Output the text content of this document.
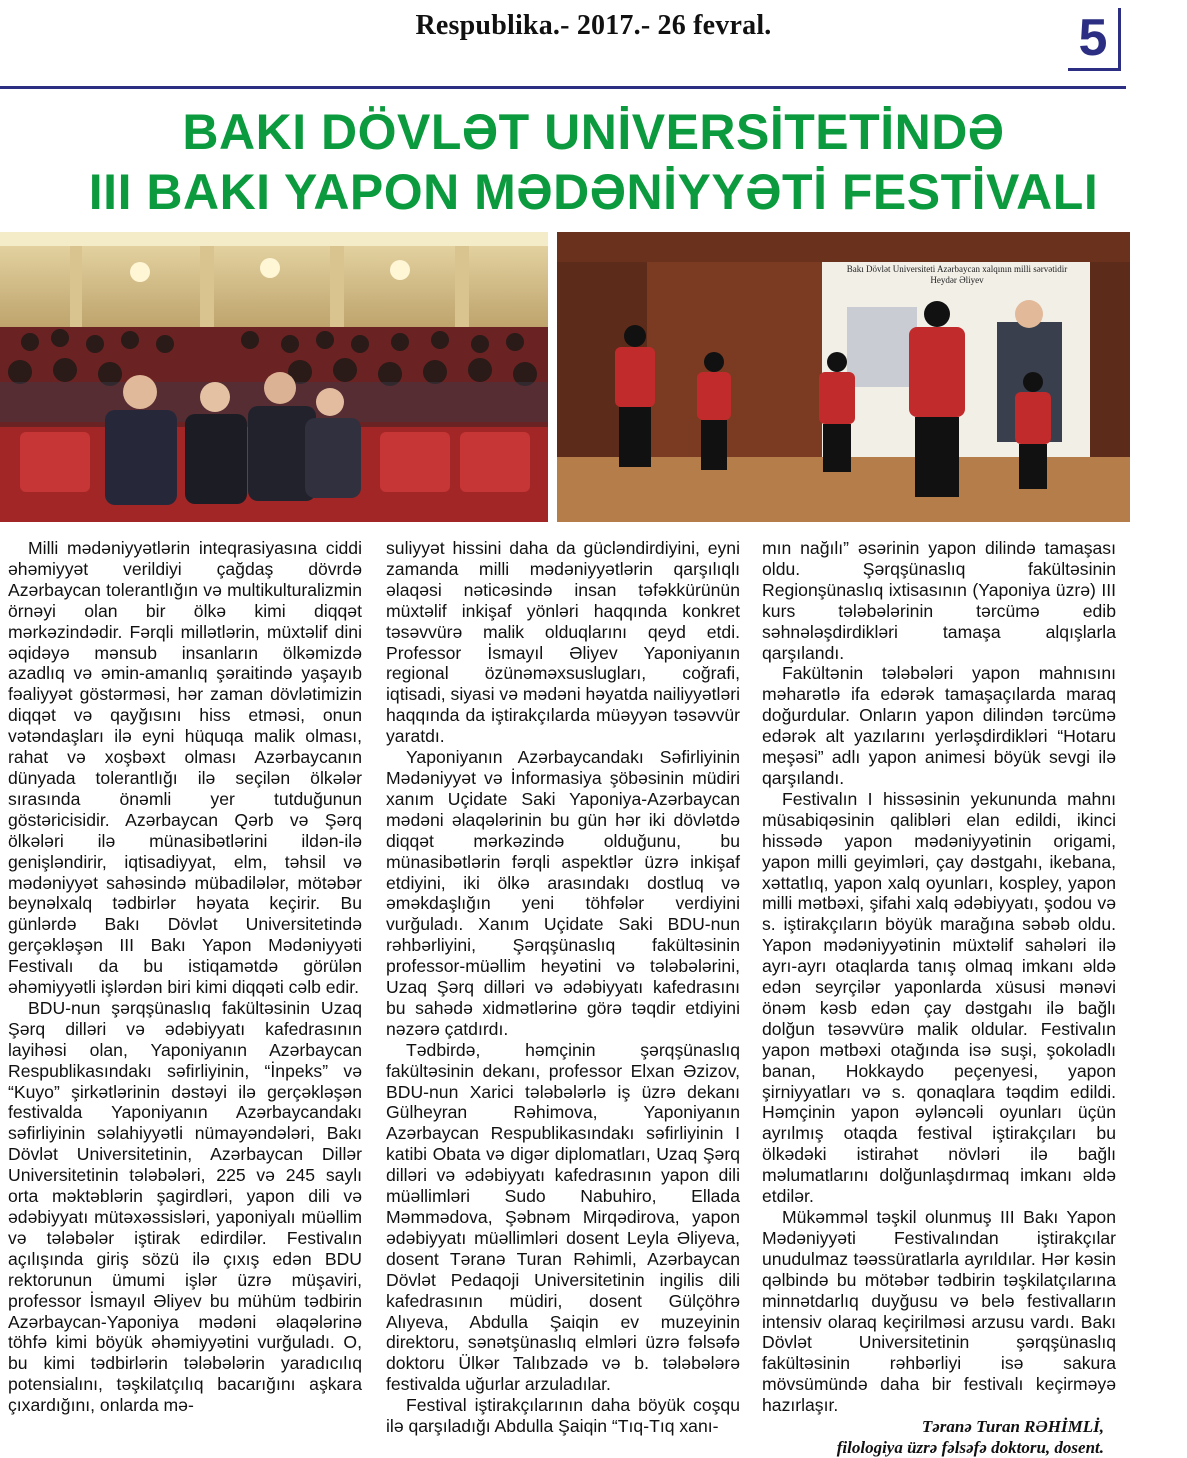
Respublika.- 2017.- 26 fevral.	5
BAKI DÖVLƏT UNİVERSİTETİNDƏ
III BAKI YAPON MƏDƏNİYYƏTİ FESTİVALI
Bakı Dövlət Universiteti Azərbaycan xalqının milli sərvətidir
Heydər Əliyev

Milli mədəniyyətlərin inteqrasiyasına ciddi əhəmiyyət verildiyi çağdaş dövrdə Azərbaycan tolerantlığın və multikulturalizmin örnəyi olan bir ölkə kimi diqqət mərkəzindədir. Fərqli millətlərin, müxtəlif dini əqidəyə mənsub insanların ölkəmizdə azadlıq və əmin-amanlıq şəraitində yaşayıb fəaliyyət göstərməsi, hər zaman dövlətimizin diqqət və qayğısını hiss etməsi, onun vətəndaşları ilə eyni hüquqa malik olması, rahat və xoşbəxt olması Azərbaycanın dünyada tolerantlığı ilə seçilən ölkələr sırasında önəmli yer tutduğunun göstəricisidir. Azərbaycan Qərb və Şərq ölkələri ilə münasibətlərini ildən-ilə genişləndirir, iqtisadiyyat, elm, təhsil və mədəniyyət sahəsində mübadilələr, mötəbər beynəlxalq tədbirlər həyata keçirir. Bu günlərdə Bakı Dövlət Universitetində gerçəkləşən III Bakı Yapon Mədəniyyəti Festivalı da bu istiqamətdə görülən əhəmiyyətli işlərdən biri kimi diqqəti cəlb edir.

BDU-nun şərqşünaslıq fakültəsinin Uzaq Şərq dilləri və ədəbiyyatı kafedrasının layihəsi olan, Yaponiyanın Azərbaycan Respublikasındakı səfirliyinin, “İnpeks” və “Kuyo” şirkətlərinin dəstəyi ilə gerçəkləşən festivalda Yaponiyanın Azərbaycandakı səfirliyinin səlahiyyətli nümayəndələri, Bakı Dövlət Universitetinin, Azərbaycan Dillər Universitetinin tələbələri, 225 və 245 saylı orta məktəblərin şagirdləri, yapon dili və ədəbiyyatı mütəxəssisləri, yaponiyalı müəllim və tələbələr iştirak edirdilər. Festivalın açılışında giriş sözü ilə çıxış edən BDU rektorunun ümumi işlər üzrə müşaviri, professor İsmayıl Əliyev bu mühüm tədbirin Azərbaycan-Yaponiya mədəni əlaqələrinə töhfə kimi böyük əhəmiyyətini vurğuladı. O, bu kimi tədbirlərin tələbələrin yaradıcılıq potensialını, təşkilatçılıq bacarığını aşkara çıxardığını, onlarda mə-

suliyyət hissini daha da gücləndirdiyini, eyni zamanda milli mədəniyyətlərin qarşılıqlı əlaqəsi nəticəsində insan təfəkkürünün müxtəlif inkişaf yönləri haqqında konkret təsəvvürə malik olduqlarını qeyd etdi. Professor İsmayıl Əliyev Yaponiyanın regional özünəməxsuslugları, coğrafi, iqtisadi, siyasi və mədəni həyatda nailiyyətləri haqqında da iştirakçılarda müəyyən təsəvvür yaratdı.

Yaponiyanın Azərbaycandakı Səfirliyinin Mədəniyyət və İnformasiya şöbəsinin müdiri xanım Uçidate Saki Yaponiya-Azərbaycan mədəni əlaqələrinin bu gün hər iki dövlətdə diqqət mərkəzində olduğunu, bu münasibətlərin fərqli aspektlər üzrə inkişaf etdiyini, iki ölkə arasındakı dostluq və əməkdaşlığın yeni töhfələr verdiyini vurğuladı. Xanım Uçidate Saki BDU-nun rəhbərliyini, Şərqşünaslıq fakültəsinin professor-müəllim heyətini və tələbələrini, Uzaq Şərq dilləri və ədəbiyyatı kafedrasını bu sahədə xidmətlərinə görə təqdir etdiyini nəzərə çatdırdı.

Tədbirdə, həmçinin şərqşünaslıq fakültəsinin dekanı, professor Elxan Əzizov, BDU-nun Xarici tələbələrlə iş üzrə dekanı Gülheyran Rəhimova, Yaponiyanın Azərbaycan Respublikasındakı səfirliyinin I katibi Obata və digər diplomatları, Uzaq Şərq dilləri və ədəbiyyatı kafedrasının yapon dili müəllimləri Sudo Nabuhiro, Ellada Məmmədova, Şəbnəm Mirqədirova, yapon ədəbiyyatı müəllimləri dosent Leyla Əliyeva, dosent Təranə Turan Rəhimli, Azərbaycan Dövlət Pedaqoji Universitetinin ingilis dili kafedrasının müdiri, dosent Gülçöhrə Alıyeva, Abdulla Şaiqin ev muzeyinin direktoru, sənətşünaslıq elmləri üzrə fəlsəfə doktoru Ülkər Talıbzadə və b. tələbələrə festivalda uğurlar arzuladılar.

Festival iştirakçılarının daha böyük coşqu ilə qarşıladığı Abdulla Şaiqin “Tıq-Tıq xanı-

mın nağılı” əsərinin yapon dilində tamaşası oldu. Şərqşünaslıq fakültəsinin Regionşünaslıq ixtisasının (Yaponiya üzrə) III kurs tələbələrinin tərcümə edib səhnələşdirdikləri tamaşa alqışlarla qarşılandı.

Fakültənin tələbələri yapon mahnısını məharətlə ifa edərək tamaşaçılarda maraq doğurdular. Onların yapon dilindən tərcümə edərək alt yazılarını yerləşdirdikləri “Hotaru meşəsi” adlı yapon animesi böyük sevgi ilə qarşılandı.

Festivalın I hissəsinin yekununda mahnı müsabiqəsinin qalibləri elan edildi, ikinci hissədə yapon mədəniyyətinin origami, yapon milli geyimləri, çay dəstgahı, ikebana, xəttatlıq, yapon xalq oyunları, kospley, yapon milli mətbəxi, şifahi xalq ədəbiyyatı, şodou və s. iştirakçıların böyük marağına səbəb oldu. Yapon mədəniyyətinin müxtəlif sahələri ilə ayrı-ayrı otaqlarda tanış olmaq imkanı əldə edən seyrçilər yaponlarda xüsusi mənəvi önəm kəsb edən çay dəstgahı ilə bağlı dolğun təsəvvürə malik oldular. Festivalın yapon mətbəxi otağında isə suşi, şokoladlı banan, Hokkaydo peçenyesi, yapon şirniyyatları və s. qonaqlara təqdim edildi. Həmçinin yapon əyləncəli oyunları üçün ayrılmış otaqda festival iştirakçıları bu ölkədəki istirahət növləri ilə bağlı məlumatlarını dolğunlaşdırmaq imkanı əldə etdilər.

Mükəmməl təşkil olunmuş III Bakı Yapon Mədəniyyəti Festivalından iştirakçılar unudulmaz təəssüratlarla ayrıldılar. Hər kəsin qəlbində bu mötəbər tədbirin təşkilatçılarına minnətdarlıq duyğusu və belə festivalların intensiv olaraq keçirilməsi arzusu vardı. Bakı Dövlət Universitetinin şərqşünaslıq fakültəsinin rəhbərliyi isə sakura mövsümündə daha bir festivalı keçirməyə hazırlaşır.

Təranə Turan RƏHİMLİ,
filologiya üzrə fəlsəfə doktoru, dosent.
